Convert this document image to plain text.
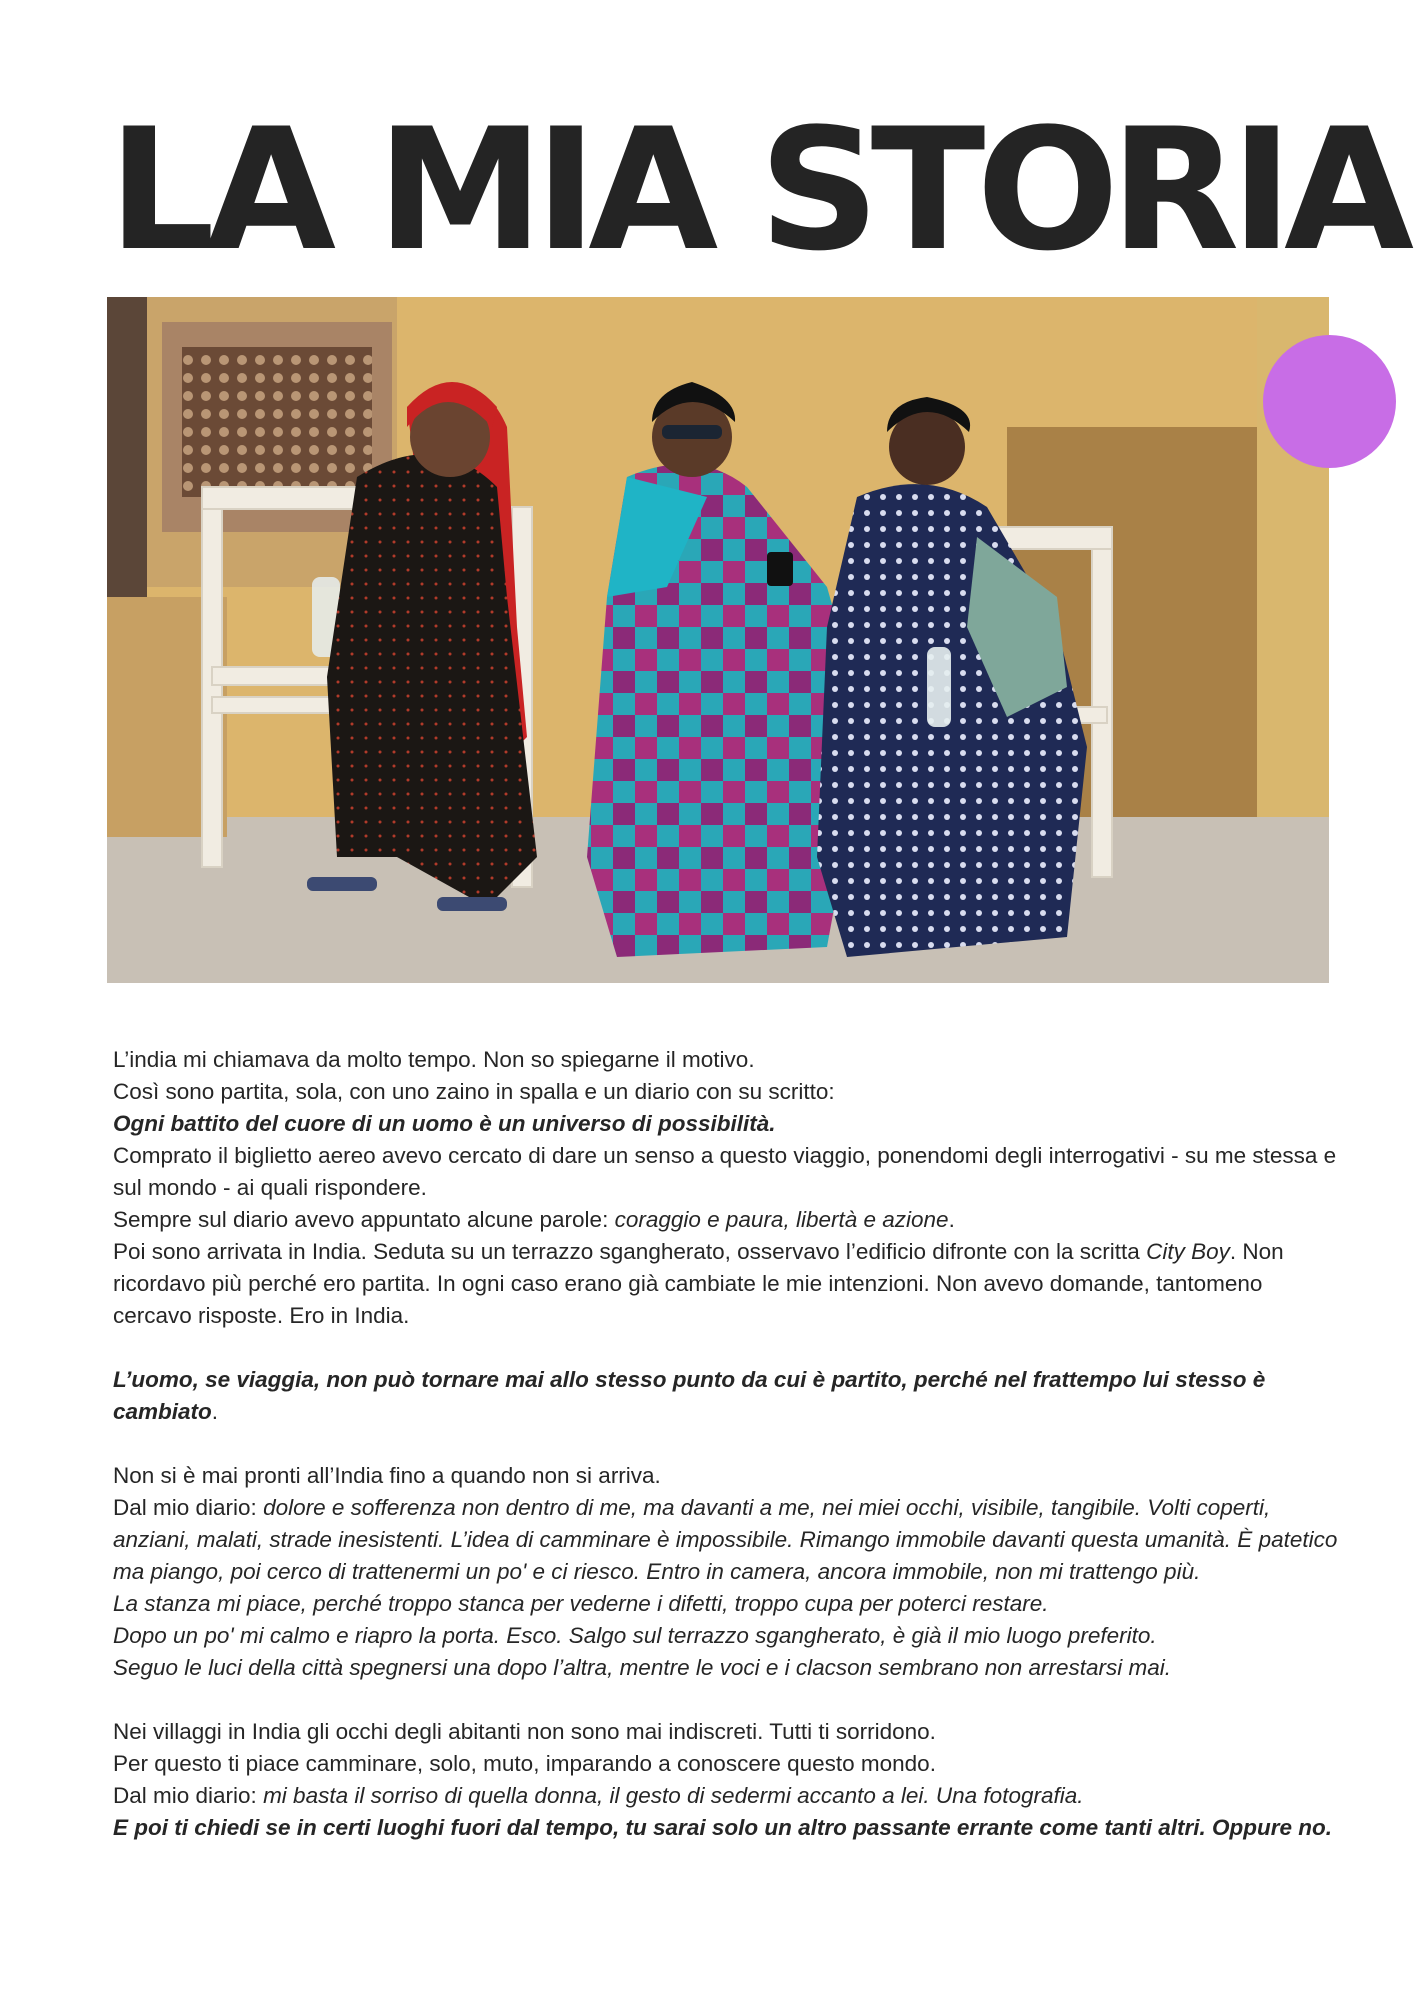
LA MIA STORIA

L’india mi chiamava da molto tempo. Non so spiegarne il motivo.

Così sono partita, sola, con uno zaino in spalla e un diario con su scritto:

Ogni battito del cuore di un uomo è un universo di possibilità.

Comprato il biglietto aereo avevo cercato di dare un senso a questo viaggio, ponendomi degli interrogativi - su me stessa e sul mondo - ai quali rispondere.

Sempre sul diario avevo appuntato alcune parole: coraggio e paura, libertà e azione.

Poi sono arrivata in India. Seduta su un terrazzo sgangherato, osservavo l’edificio difronte con la scritta City Boy. Non ricordavo più perché ero partita. In ogni caso erano già cambiate le mie intenzioni. Non avevo domande, tantomeno cercavo risposte. Ero in India.

L’uomo, se viaggia, non può tornare mai allo stesso punto da cui è partito, perché nel frattempo lui stesso è cambiato.

Non si è mai pronti all’India fino a quando non si arriva.

Dal mio diario: dolore e sofferenza non dentro di me, ma davanti a me, nei miei occhi, visibile, tangibile. Volti coperti, anziani, malati, strade inesistenti. L’idea di camminare è impossibile. Rimango immobile davanti questa umanità. È patetico ma piango, poi cerco di trattenermi un po' e ci riesco. Entro in camera, ancora immobile, non mi trattengo più.

La stanza mi piace, perché troppo stanca per vederne i difetti, troppo cupa per poterci restare.

Dopo un po' mi calmo e riapro la porta. Esco. Salgo sul terrazzo sgangherato, è già il mio luogo preferito.

Seguo le luci della città spegnersi una dopo l’altra, mentre le voci e i clacson sembrano non arrestarsi mai.

Nei villaggi in India gli occhi degli abitanti non sono mai indiscreti. Tutti ti sorridono.

Per questo ti piace camminare, solo, muto, imparando a conoscere questo mondo.

Dal mio diario: mi basta il sorriso di quella donna, il gesto di sedermi accanto a lei. Una fotografia.

E poi ti chiedi se in certi luoghi fuori dal tempo, tu sarai solo un altro passante errante come tanti altri. Oppure no.
